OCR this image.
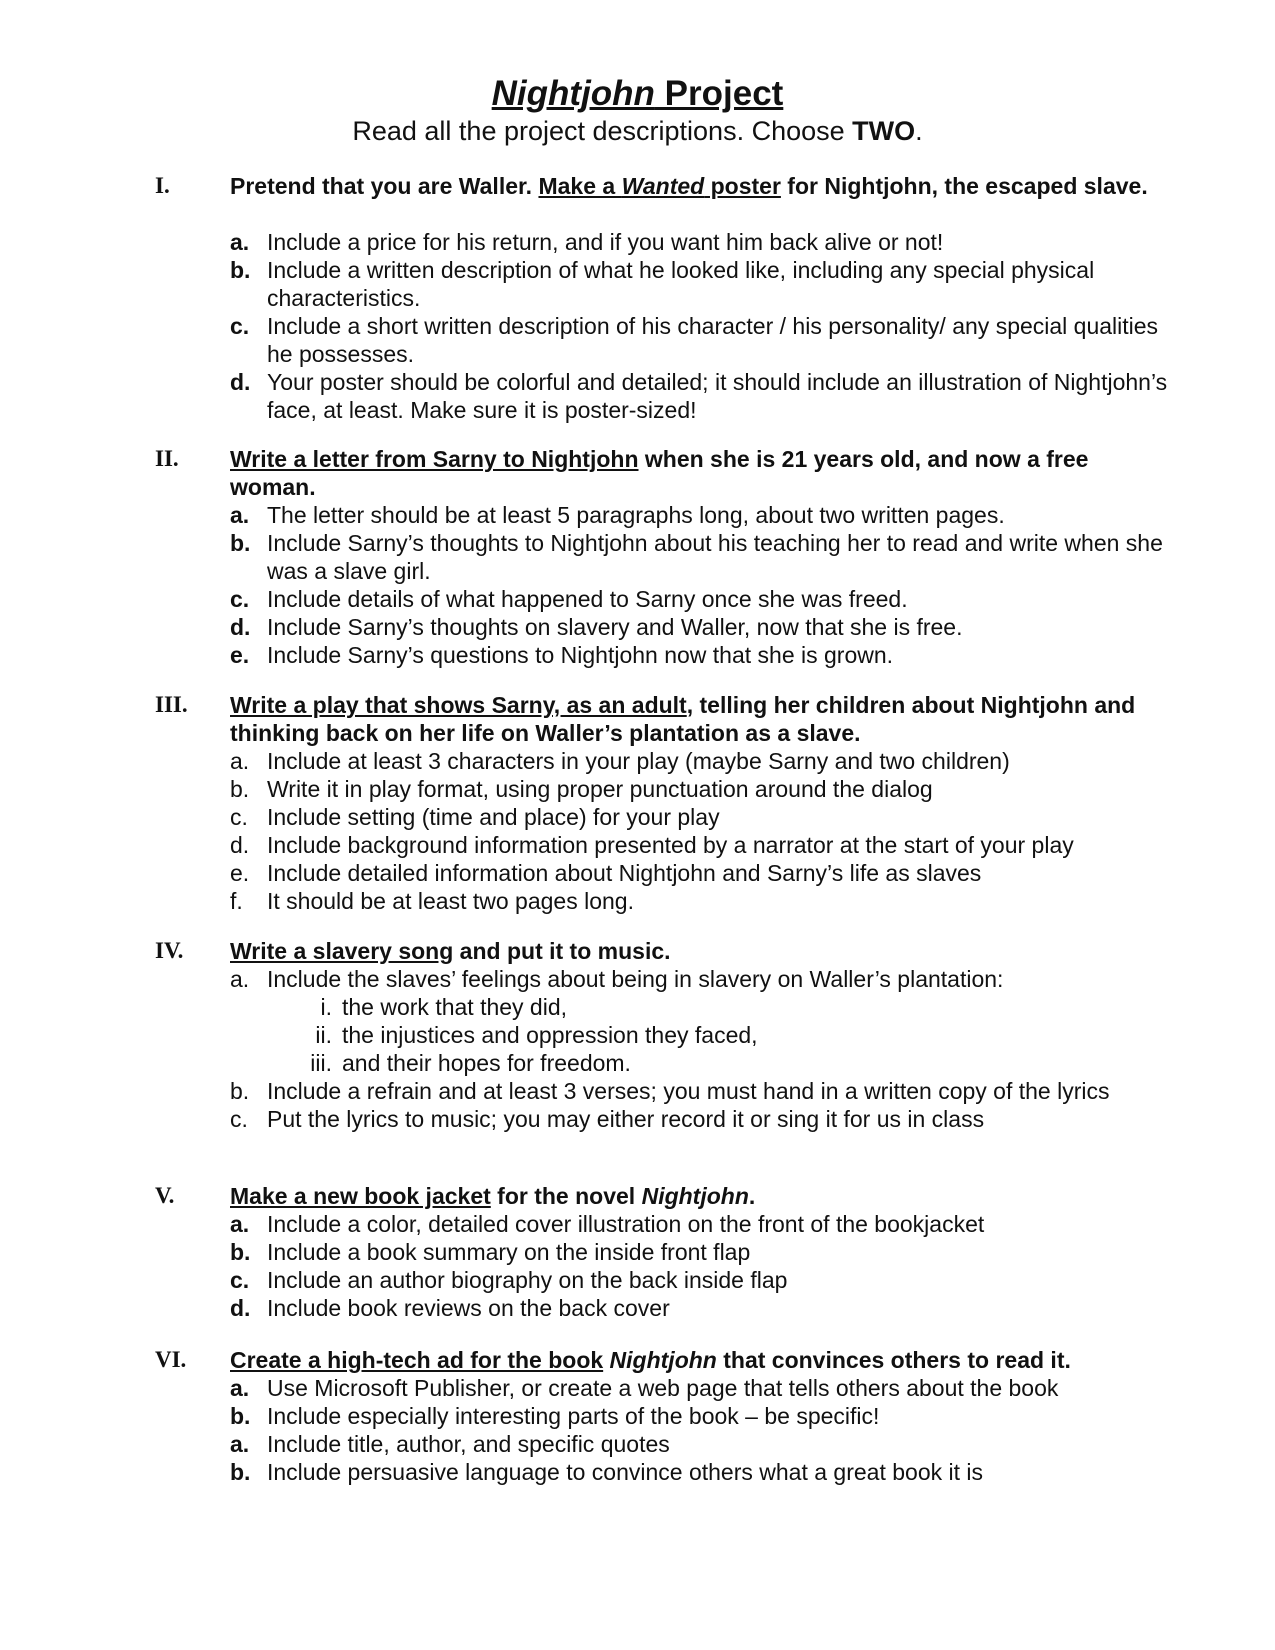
Nightjohn Project
Read all the project descriptions. Choose TWO.
I.	Pretend that you are Waller. Make a Wanted poster for Nightjohn, the escaped slave.
a. Include a price for his return, and if you want him back alive or not!
b. Include a written description of what he looked like, including any special physical characteristics.
c. Include a short written description of his character / his personality/ any special qualities he possesses.
d. Your poster should be colorful and detailed; it should include an illustration of Nightjohn’s face, at least. Make sure it is poster-sized!
II. Write a letter from Sarny to Nightjohn when she is 21 years old, and now a free woman.
a. The letter should be at least 5 paragraphs long, about two written pages.
b. Include Sarny’s thoughts to Nightjohn about his teaching her to read and write when she was a slave girl.
c. Include details of what happened to Sarny once she was freed.
d. Include Sarny’s thoughts on slavery and Waller, now that she is free.
e. Include Sarny’s questions to Nightjohn now that she is grown.
III. Write a play that shows Sarny, as an adult, telling her children about Nightjohn and thinking back on her life on Waller’s plantation as a slave.
a. Include at least 3 characters in your play (maybe Sarny and two children)
b. Write it in play format, using proper punctuation around the dialog
c. Include setting (time and place) for your play
d. Include background information presented by a narrator at the start of your play
e. Include detailed information about Nightjohn and Sarny’s life as slaves
f. It should be at least two pages long.
IV. Write a slavery song and put it to music.
a. Include the slaves’ feelings about being in slavery on Waller’s plantation:
i. the work that they did,
ii. the injustices and oppression they faced,
iii. and their hopes for freedom.
b. Include a refrain and at least 3 verses; you must hand in a written copy of the lyrics
c. Put the lyrics to music; you may either record it or sing it for us in class
V. Make a new book jacket for the novel Nightjohn.
a. Include a color, detailed cover illustration on the front of the bookjacket
b. Include a book summary on the inside front flap
c. Include an author biography on the back inside flap
d. Include book reviews on the back cover
VI. Create a high-tech ad for the book Nightjohn that convinces others to read it.
a. Use Microsoft Publisher, or create a web page that tells others about the book
b. Include especially interesting parts of the book – be specific!
a. Include title, author, and specific quotes
b. Include persuasive language to convince others what a great book it is
